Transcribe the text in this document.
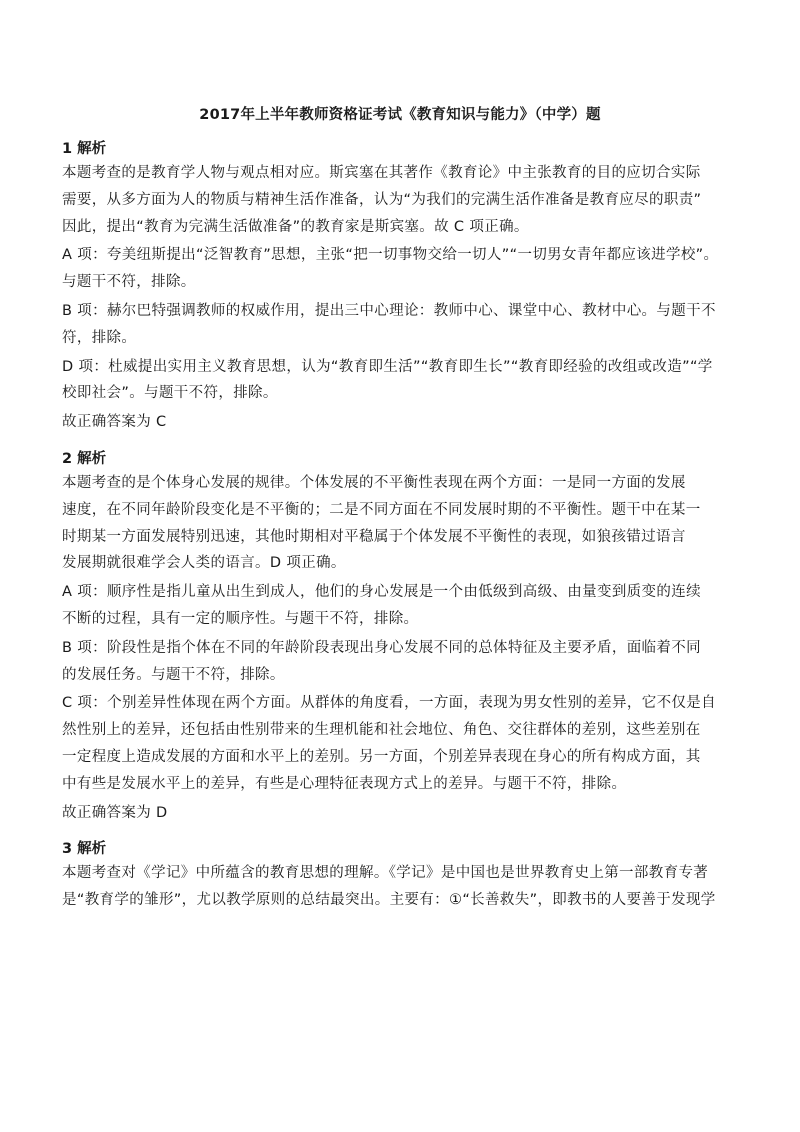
2017年上半年教师资格证考试《教育知识与能力》（中学）题
1 解析
本题考查的是教育学人物与观点相对应。斯宾塞在其著作《教育论》中主张教育的目的应切合实际
需要，从多方面为人的物质与精神生活作准备，认为“为我们的完满生活作准备是教育应尽的职责”
因此，提出“教育为完满生活做准备”的教育家是斯宾塞。故 C 项正确。
A 项：夸美纽斯提出“泛智教育”思想，主张“把一切事物交给一切人”“一切男女青年都应该进学校”。
与题干不符，排除。
B 项：赫尔巴特强调教师的权威作用，提出三中心理论：教师中心、课堂中心、教材中心。与题干不
符，排除。
D 项：杜威提出实用主义教育思想，认为“教育即生活”“教育即生长”“教育即经验的改组或改造”“学
校即社会”。与题干不符，排除。
故正确答案为 C
2 解析
本题考查的是个体身心发展的规律。个体发展的不平衡性表现在两个方面：一是同一方面的发展
速度，在不同年龄阶段变化是不平衡的；二是不同方面在不同发展时期的不平衡性。题干中在某一
时期某一方面发展特别迅速，其他时期相对平稳属于个体发展不平衡性的表现，如狼孩错过语言
发展期就很难学会人类的语言。D 项正确。
A 项：顺序性是指儿童从出生到成人，他们的身心发展是一个由低级到高级、由量变到质变的连续
不断的过程，具有一定的顺序性。与题干不符，排除。
B 项：阶段性是指个体在不同的年龄阶段表现出身心发展不同的总体特征及主要矛盾，面临着不同
的发展任务。与题干不符，排除。
C 项：个别差异性体现在两个方面。从群体的角度看，一方面，表现为男女性别的差异，它不仅是自
然性别上的差异，还包括由性别带来的生理机能和社会地位、角色、交往群体的差别，这些差别在
一定程度上造成发展的方面和水平上的差别。另一方面，个别差异表现在身心的所有构成方面，其
中有些是发展水平上的差异，有些是心理特征表现方式上的差异。与题干不符，排除。
故正确答案为 D
3 解析
本题考查对《学记》中所蕴含的教育思想的理解。《学记》是中国也是世界教育史上第一部教育专著
是“教育学的雏形”，尤以教学原则的总结最突出。主要有：①“长善救失”，即教书的人要善于发现学
